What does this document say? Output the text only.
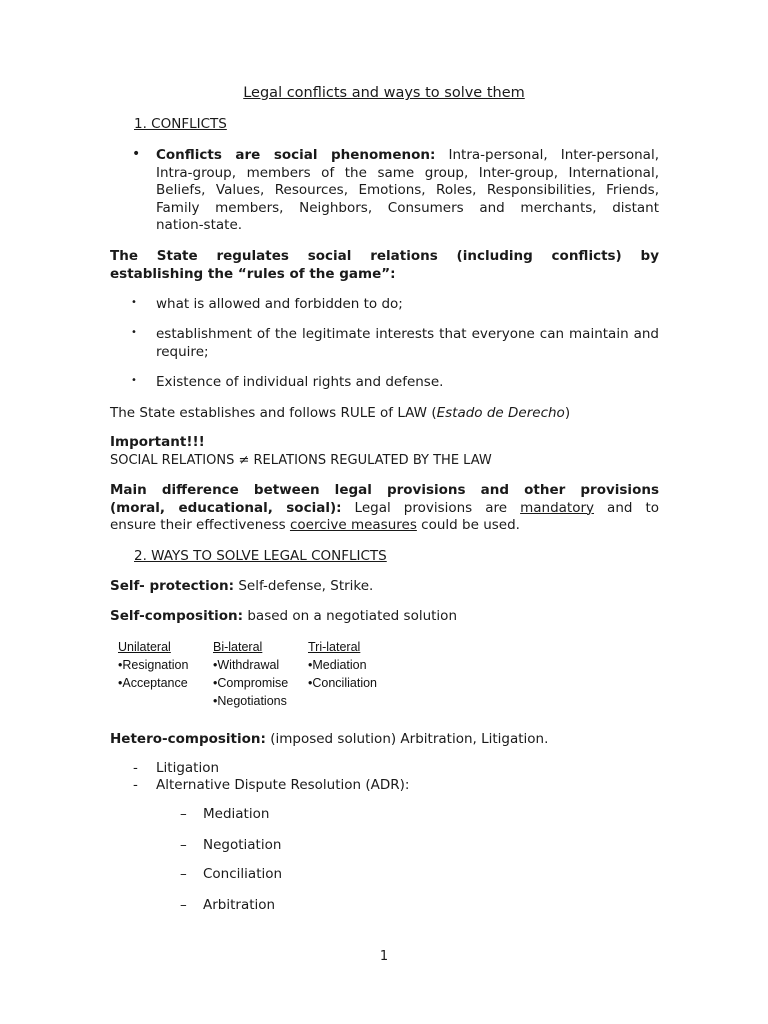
Legal conflicts and ways to solve them
1. CONFLICTS
• Conflicts are social phenomenon: Intra-personal, Inter-personal,
Intra-group, members of the same group, Inter-group, International,
Beliefs, Values, Resources, Emotions, Roles, Responsibilities, Friends,
Family members, Neighbors, Consumers and merchants, distant
nation-state.
The State regulates social relations (including conflicts) by
establishing the “rules of the game”:
• what is allowed and forbidden to do;
• establishment of the legitimate interests that everyone can maintain and require;
• Existence of individual rights and defense.
The State establishes and follows RULE of LAW (Estado de Derecho)
Important!!!
SOCIAL RELATIONS ≠ RELATIONS REGULATED BY THE LAW
Main difference between legal provisions and other provisions
(moral, educational, social): Legal provisions are mandatory and to
ensure their effectiveness coercive measures could be used.
2. WAYS TO SOLVE LEGAL CONFLICTS
Self- protection: Self-defense, Strike.
Self-composition: based on a negotiated solution
Unilateral
•Resignation
•Acceptance
Bi-lateral
•Withdrawal
•Compromise
•Negotiations
Tri-lateral
•Mediation
•Conciliation
Hetero-composition: (imposed solution) Arbitration, Litigation.
- Litigation
- Alternative Dispute Resolution (ADR):
– Mediation
– Negotiation
– Conciliation
– Arbitration
1
